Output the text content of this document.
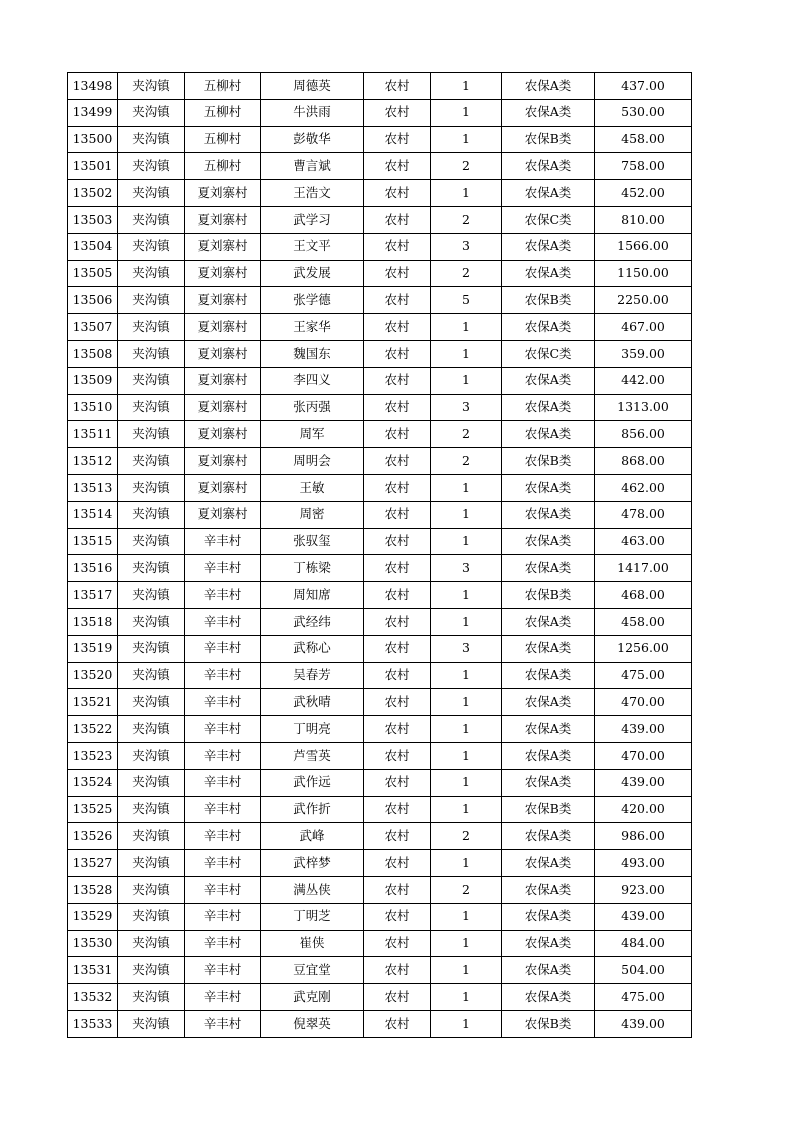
13498	夹沟镇	五柳村	周德英	农村	1	农保A类	437.00
13499	夹沟镇	五柳村	牛洪雨	农村	1	农保A类	530.00
13500	夹沟镇	五柳村	彭敬华	农村	1	农保B类	458.00
13501	夹沟镇	五柳村	曹言斌	农村	2	农保A类	758.00
13502	夹沟镇	夏刘寨村	王浩文	农村	1	农保A类	452.00
13503	夹沟镇	夏刘寨村	武学习	农村	2	农保C类	810.00
13504	夹沟镇	夏刘寨村	王文平	农村	3	农保A类	1566.00
13505	夹沟镇	夏刘寨村	武发展	农村	2	农保A类	1150.00
13506	夹沟镇	夏刘寨村	张学德	农村	5	农保B类	2250.00
13507	夹沟镇	夏刘寨村	王家华	农村	1	农保A类	467.00
13508	夹沟镇	夏刘寨村	魏国东	农村	1	农保C类	359.00
13509	夹沟镇	夏刘寨村	李四义	农村	1	农保A类	442.00
13510	夹沟镇	夏刘寨村	张丙强	农村	3	农保A类	1313.00
13511	夹沟镇	夏刘寨村	周军	农村	2	农保A类	856.00
13512	夹沟镇	夏刘寨村	周明会	农村	2	农保B类	868.00
13513	夹沟镇	夏刘寨村	王敏	农村	1	农保A类	462.00
13514	夹沟镇	夏刘寨村	周密	农村	1	农保A类	478.00
13515	夹沟镇	辛丰村	张驭玺	农村	1	农保A类	463.00
13516	夹沟镇	辛丰村	丁栋梁	农村	3	农保A类	1417.00
13517	夹沟镇	辛丰村	周知席	农村	1	农保B类	468.00
13518	夹沟镇	辛丰村	武经纬	农村	1	农保A类	458.00
13519	夹沟镇	辛丰村	武称心	农村	3	农保A类	1256.00
13520	夹沟镇	辛丰村	吴春芳	农村	1	农保A类	475.00
13521	夹沟镇	辛丰村	武秋晴	农村	1	农保A类	470.00
13522	夹沟镇	辛丰村	丁明亮	农村	1	农保A类	439.00
13523	夹沟镇	辛丰村	芦雪英	农村	1	农保A类	470.00
13524	夹沟镇	辛丰村	武作远	农村	1	农保A类	439.00
13525	夹沟镇	辛丰村	武作折	农村	1	农保B类	420.00
13526	夹沟镇	辛丰村	武峰	农村	2	农保A类	986.00
13527	夹沟镇	辛丰村	武梓梦	农村	1	农保A类	493.00
13528	夹沟镇	辛丰村	满丛侠	农村	2	农保A类	923.00
13529	夹沟镇	辛丰村	丁明芝	农村	1	农保A类	439.00
13530	夹沟镇	辛丰村	崔侠	农村	1	农保A类	484.00
13531	夹沟镇	辛丰村	豆宜堂	农村	1	农保A类	504.00
13532	夹沟镇	辛丰村	武克刚	农村	1	农保A类	475.00
13533	夹沟镇	辛丰村	倪翠英	农村	1	农保B类	439.00
